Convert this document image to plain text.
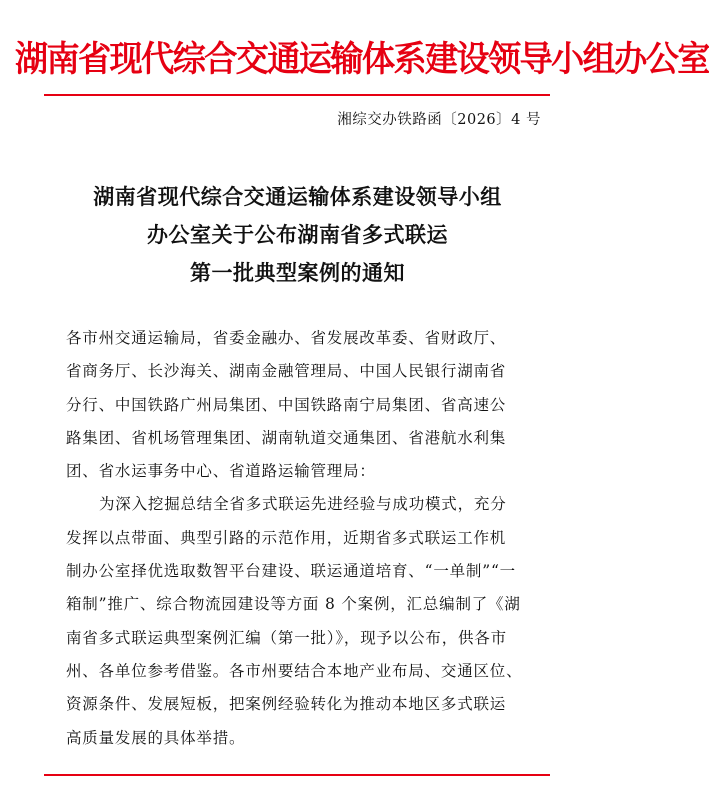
湖南省现代综合交通运输体系建设领导小组办公室
湘综交办铁路函〔2026〕4 号
湖南省现代综合交通运输体系建设领导小组
办公室关于公布湖南省多式联运
第一批典型案例的通知
各市州交通运输局，省委金融办、省发展改革委、省财政厅、
省商务厅、长沙海关、湖南金融管理局、中国人民银行湖南省
分行、中国铁路广州局集团、中国铁路南宁局集团、省高速公
路集团、省机场管理集团、湖南轨道交通集团、省港航水利集
团、省水运事务中心、省道路运输管理局：
为深入挖掘总结全省多式联运先进经验与成功模式，充分
发挥以点带面、典型引路的示范作用，近期省多式联运工作机
制办公室择优选取数智平台建设、联运通道培育、“一单制”“一
箱制”推广、综合物流园建设等方面 8 个案例，汇总编制了《湖
南省多式联运典型案例汇编（第一批）》，现予以公布，供各市
州、各单位参考借鉴。各市州要结合本地产业布局、交通区位、
资源条件、发展短板，把案例经验转化为推动本地区多式联运
高质量发展的具体举措。
